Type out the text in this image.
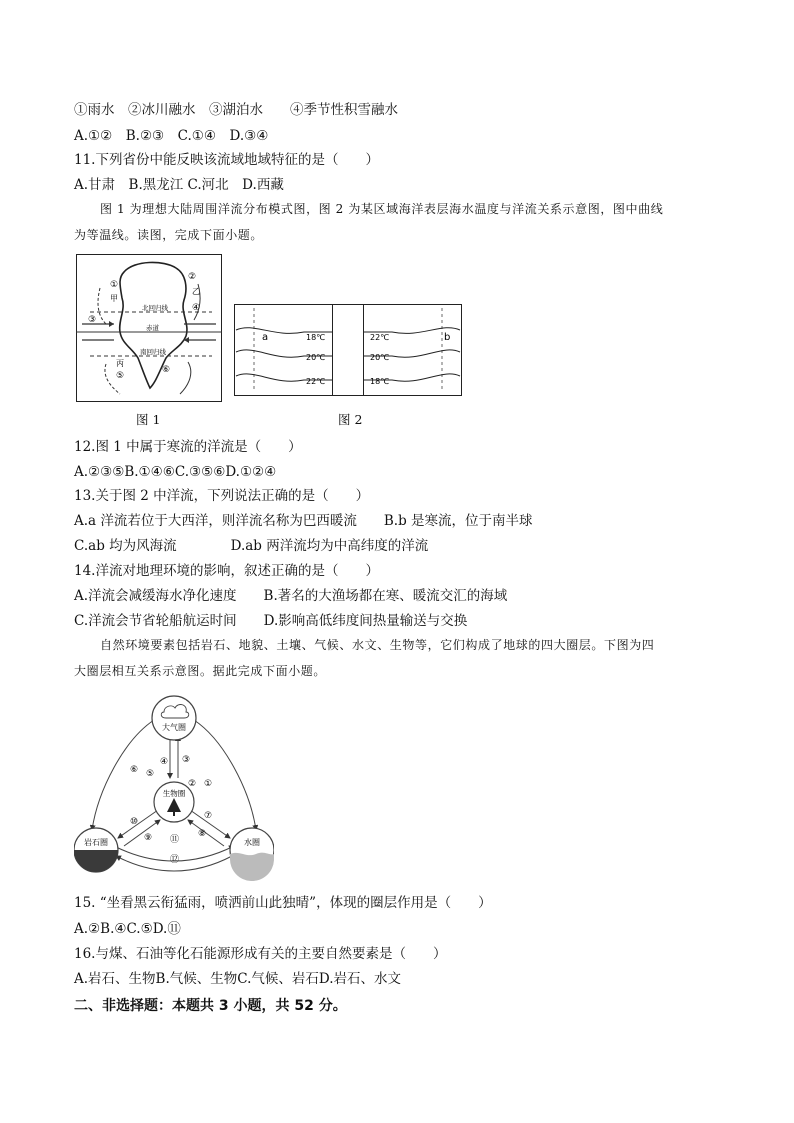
①雨水　②冰川融水　③湖泊水　　④季节性积雪融水
A.①②　B.②③　C.①④　D.③④
11.下列省份中能反映该流域地域特征的是（　　）
A.甘肃　B.黑龙江 C.河北　D.西藏
图 1 为理想大陆周围洋流分布模式图，图 2 为某区域海洋表层海水温度与洋流关系示意图，图中曲线
为等温线。读图，完成下面小题。
①
甲
②
乙
③
④
北回归线
赤道
南回归线
丙
⑤
⑥
图 1
a	18℃
20℃
22℃
22℃
20℃
18℃
b
图 2
12.图 1 中属于寒流的洋流是（　　）
A.②③⑤B.①④⑥C.③⑤⑥D.①②④
13.关于图 2 中洋流，下列说法正确的是（　　）
A.a 洋流若位于大西洋，则洋流名称为巴西暖流　　B.b 是寒流，位于南半球
C.ab 均为风海流　　　　D.ab 两洋流均为中高纬度的洋流
14.洋流对地理环境的影响，叙述正确的是（　　）
A.洋流会减缓海水净化速度　　B.著名的大渔场都在寒、暖流交汇的海域
C.洋流会节省轮船航运时间　　D.影响高低纬度间热量输送与交换
自然环境要素包括岩石、地貌、土壤、气候、水文、生物等，它们构成了地球的四大圈层。下图为四
大圈层相互关系示意图。据此完成下面小题。
大气圈
生物圈
岩石圈	水圈
⑥ ⑤
④ ③
② ①
⑦
⑧
⑨
⑩
⑪
⑫
15. “坐看黑云衔猛雨，喷洒前山此独晴”，体现的圈层作用是（　　）
A.②B.④C.⑤D.⑪
16.与煤、石油等化石能源形成有关的主要自然要素是（　　）
A.岩石、生物B.气候、生物C.气候、岩石D.岩石、水文
二、非选择题：本题共 3 小题，共 52 分。
